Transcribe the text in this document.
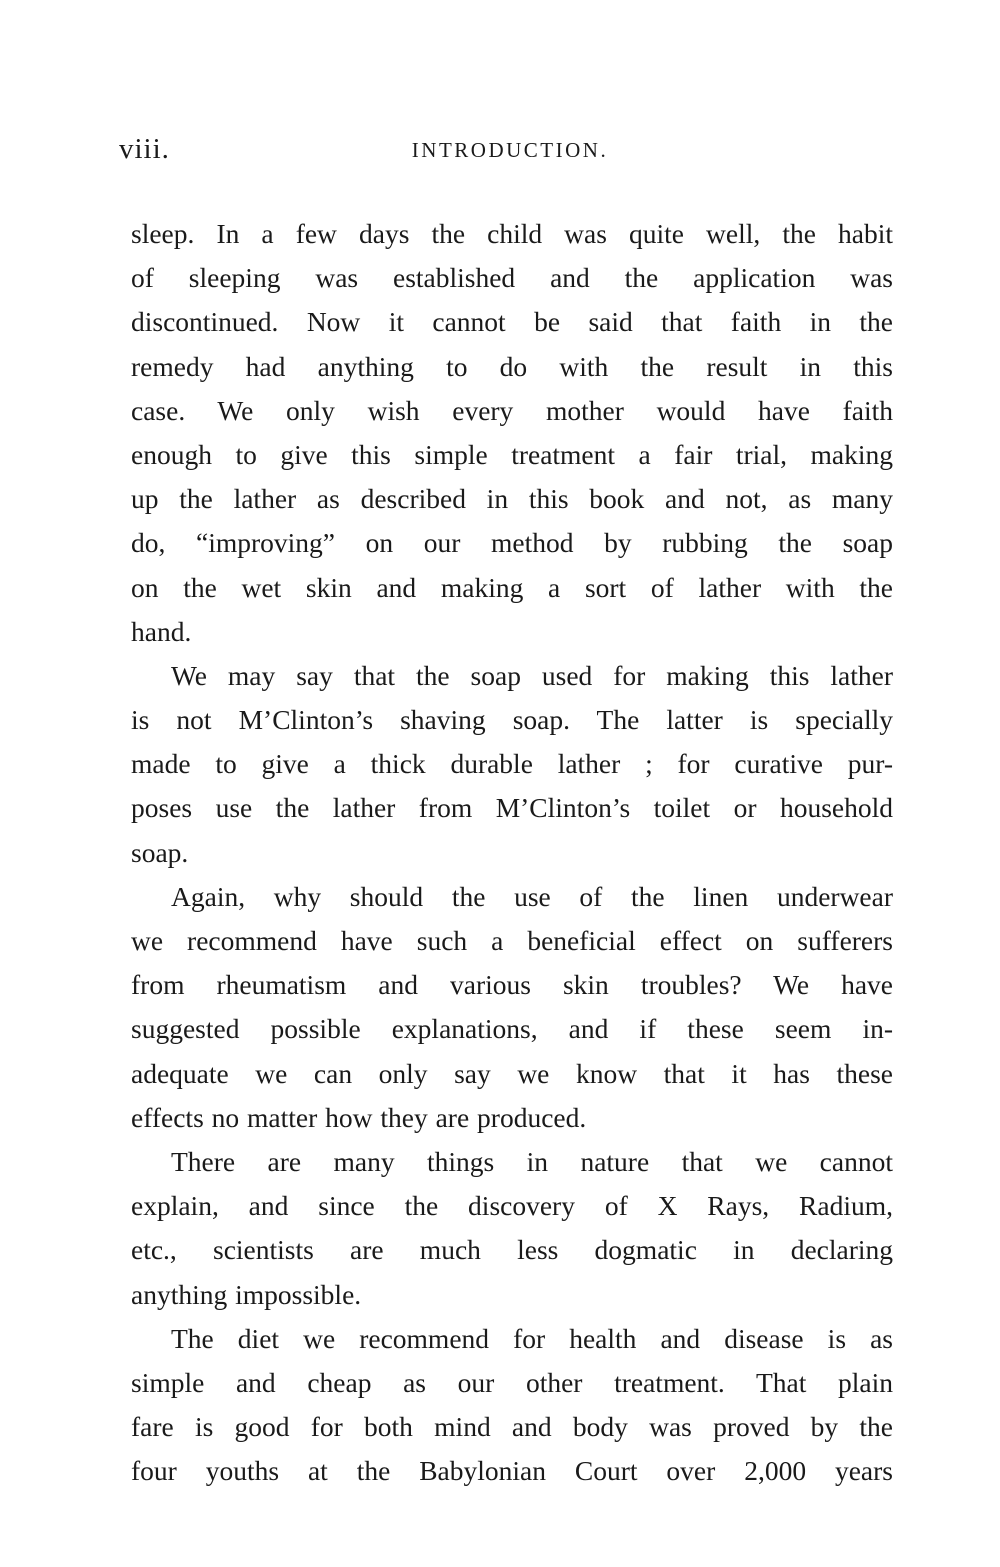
viii.	INTRODUCTION.
sleep. In a few days the child was quite well, the habit
of sleeping was established and the application was
discontinued. Now it cannot be said that faith in the
remedy had anything to do with the result in this
case. We only wish every mother would have faith
enough to give this simple treatment a fair trial, making
up the lather as described in this book and not, as many
do, “improving” on our method by rubbing the soap
on the wet skin and making a sort of lather with the
hand.
We may say that the soap used for making this lather
is not M’Clinton’s shaving soap. The latter is specially
made to give a thick durable lather ; for curative pur-
poses use the lather from M’Clinton’s toilet or household
soap.
Again, why should the use of the linen underwear
we recommend have such a beneficial effect on sufferers
from rheumatism and various skin troubles? We have
suggested possible explanations, and if these seem in-
adequate we can only say we know that it has these
effects no matter how they are produced.
There are many things in nature that we cannot
explain, and since the discovery of X Rays, Radium,
etc., scientists are much less dogmatic in declaring
anything impossible.
The diet we recommend for health and disease is as
simple and cheap as our other treatment. That plain
fare is good for both mind and body was proved by the
four youths at the Babylonian Court over 2,000 years
